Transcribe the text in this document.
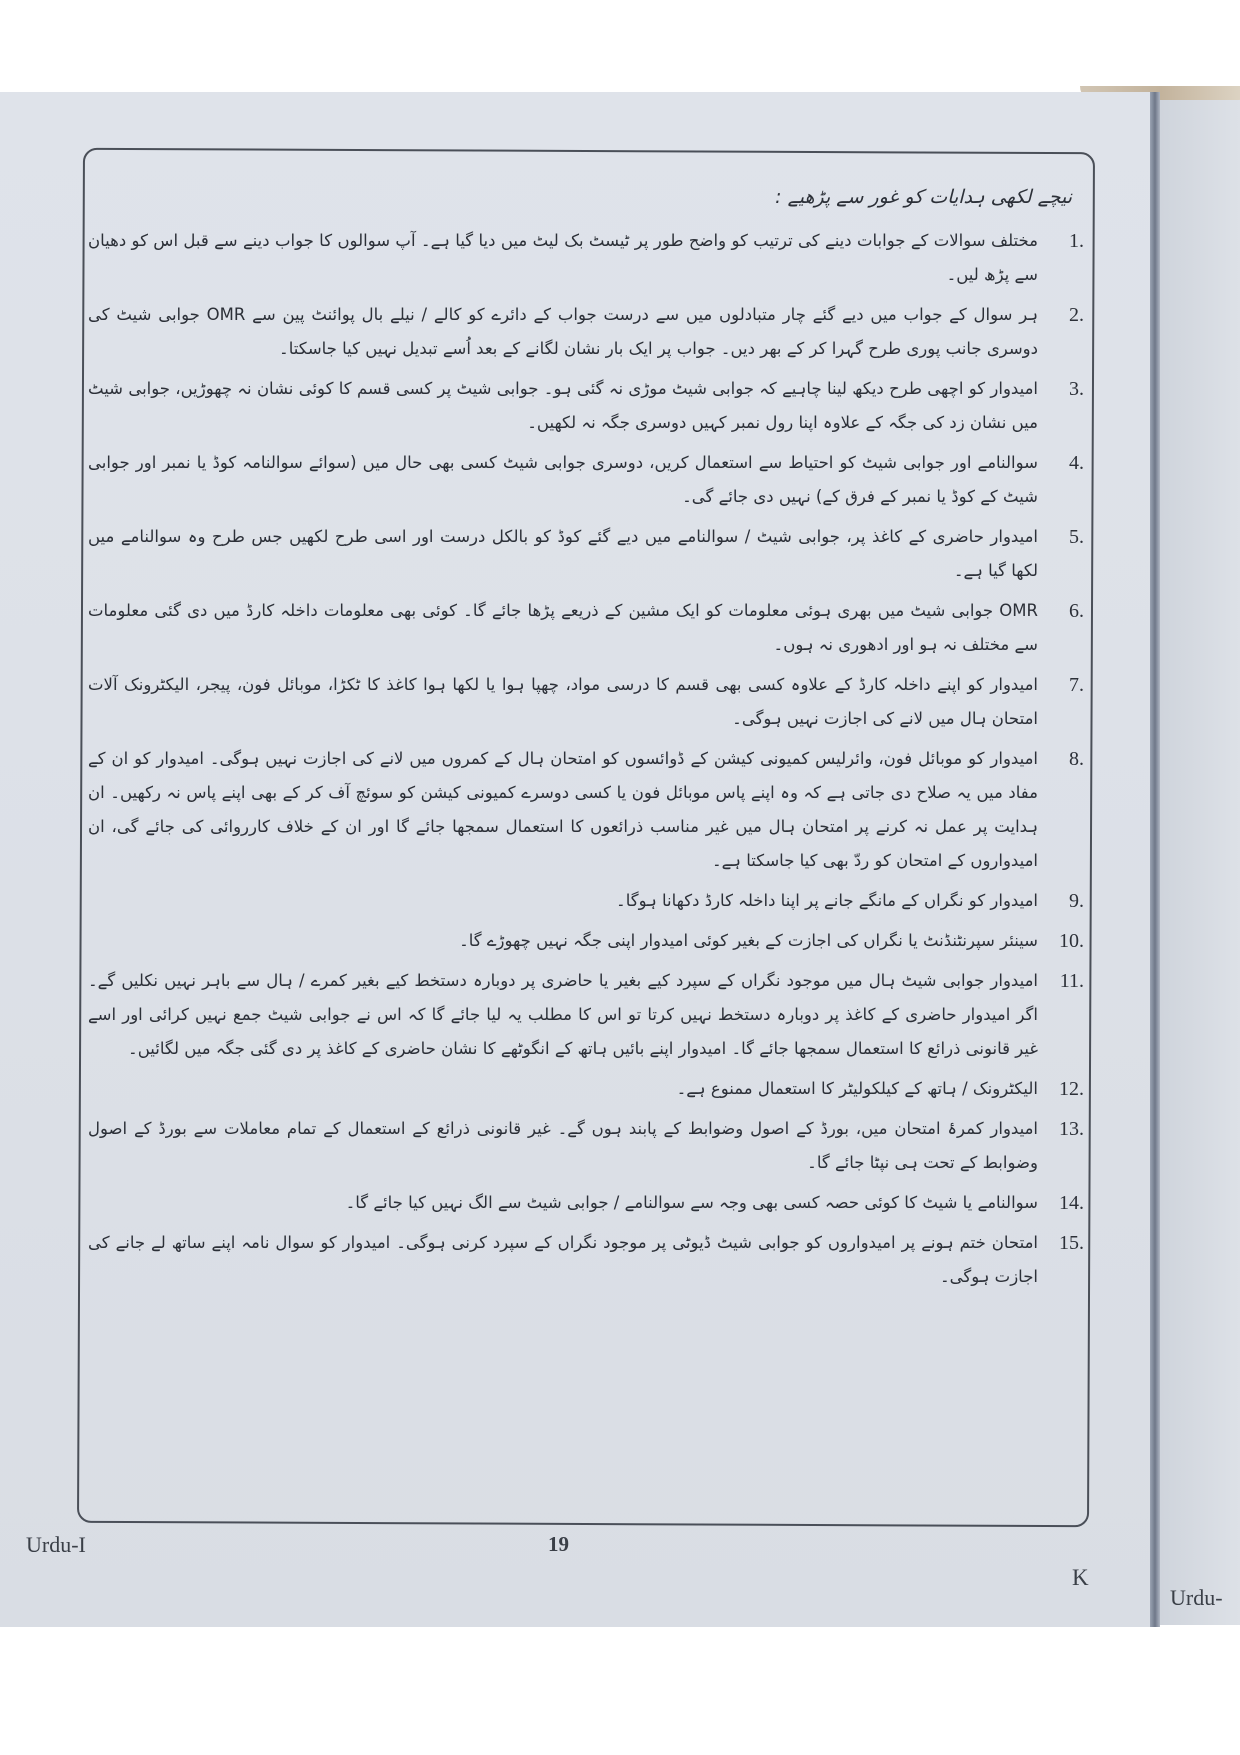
Urdu-
نیچے لکھی ہدایات کو غور سے پڑھیے :
1.
مختلف سوالات کے جوابات دینے کی ترتیب کو واضح طور پر ٹیسٹ بک لیٹ میں دیا گیا ہے۔ آپ سوالوں کا جواب دینے سے قبل اس کو دھیان سے پڑھ لیں۔
2.
ہر سوال کے جواب میں دیے گئے چار متبادلوں میں سے درست جواب کے دائرے کو کالے / نیلے بال پوائنٹ پین سے OMR جوابی شیٹ کی دوسری جانب پوری طرح گہرا کر کے بھر دیں۔ جواب پر ایک بار نشان لگانے کے بعد اُسے تبدیل نہیں کیا جاسکتا۔
3.
امیدوار کو اچھی طرح دیکھ لینا چاہیے کہ جوابی شیٹ موڑی نہ گئی ہو۔ جوابی شیٹ پر کسی قسم کا کوئی نشان نہ چھوڑیں، جوابی شیٹ میں نشان زد کی جگہ کے علاوہ اپنا رول نمبر کہیں دوسری جگہ نہ لکھیں۔
4.
سوالنامے اور جوابی شیٹ کو احتیاط سے استعمال کریں، دوسری جوابی شیٹ کسی بھی حال میں (سوائے سوالنامہ کوڈ یا نمبر اور جوابی شیٹ کے کوڈ یا نمبر کے فرق کے) نہیں دی جائے گی۔
5.
امیدوار حاضری کے کاغذ پر، جوابی شیٹ / سوالنامے میں دیے گئے کوڈ کو بالکل درست اور اسی طرح لکھیں جس طرح وہ سوالنامے میں لکھا گیا ہے۔
6.
OMR جوابی شیٹ میں بھری ہوئی معلومات کو ایک مشین کے ذریعے پڑھا جائے گا۔ کوئی بھی معلومات داخلہ کارڈ میں دی گئی معلومات سے مختلف نہ ہو اور ادھوری نہ ہوں۔
7.
امیدوار کو اپنے داخلہ کارڈ کے علاوہ کسی بھی قسم کا درسی مواد، چھپا ہوا یا لکھا ہوا کاغذ کا ٹکڑا، موبائل فون، پیجر، الیکٹرونک آلات امتحان ہال میں لانے کی اجازت نہیں ہوگی۔
8.
امیدوار کو موبائل فون، وائرلیس کمیونی کیشن کے ڈوائسوں کو امتحان ہال کے کمروں میں لانے کی اجازت نہیں ہوگی۔ امیدوار کو ان کے مفاد میں یہ صلاح دی جاتی ہے کہ وہ اپنے پاس موبائل فون یا کسی دوسرے کمیونی کیشن کو سوئچ آف کر کے بھی اپنے پاس نہ رکھیں۔ ان ہدایت پر عمل نہ کرنے پر امتحان ہال میں غیر مناسب ذرائعوں کا استعمال سمجھا جائے گا اور ان کے خلاف کارروائی کی جائے گی، ان امیدواروں کے امتحان کو ردّ بھی کیا جاسکتا ہے۔
9.
امیدوار کو نگراں کے مانگے جانے پر اپنا داخلہ کارڈ دکھانا ہوگا۔
10.
سینئر سپرنٹنڈنٹ یا نگراں کی اجازت کے بغیر کوئی امیدوار اپنی جگہ نہیں چھوڑے گا۔
11.
امیدوار جوابی شیٹ ہال میں موجود نگراں کے سپرد کیے بغیر یا حاضری پر دوبارہ دستخط کیے بغیر کمرے / ہال سے باہر نہیں نکلیں گے۔ اگر امیدوار حاضری کے کاغذ پر دوبارہ دستخط نہیں کرتا تو اس کا مطلب یہ لیا جائے گا کہ اس نے جوابی شیٹ جمع نہیں کرائی اور اسے غیر قانونی ذرائع کا استعمال سمجھا جائے گا۔ امیدوار اپنے بائیں ہاتھ کے انگوٹھے کا نشان حاضری کے کاغذ پر دی گئی جگہ میں لگائیں۔
12.
الیکٹرونک / ہاتھ کے کیلکولیٹر کا استعمال ممنوع ہے۔
13.
امیدوار کمرۂ امتحان میں، بورڈ کے اصول وضوابط کے پابند ہوں گے۔ غیر قانونی ذرائع کے استعمال کے تمام معاملات سے بورڈ کے اصول وضوابط کے تحت ہی نپٹا جائے گا۔
14.
سوالنامے یا شیٹ کا کوئی حصہ کسی بھی وجہ سے سوالنامے / جوابی شیٹ سے الگ نہیں کیا جائے گا۔
15.
امتحان ختم ہونے پر امیدواروں کو جوابی شیٹ ڈیوٹی پر موجود نگراں کے سپرد کرنی ہوگی۔ امیدوار کو سوال نامہ اپنے ساتھ لے جانے کی اجازت ہوگی۔
Urdu-I	19
K
